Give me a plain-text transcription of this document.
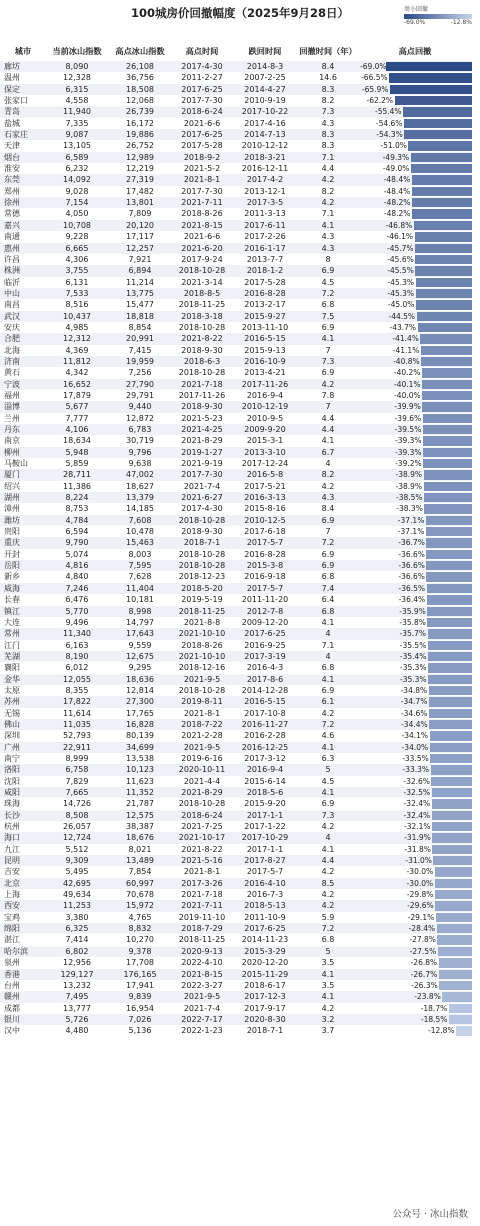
100城房价回撤幅度（2025年9月28日）	周小回撤
-69.0%	-12.8%
城市	当前冰山指数	高点冰山指数	高点时间	跌回时间	回撤时间（年）	高点回撤
廊坊	8,090	26,108	2017-4-30	2014-8-3	8.4	-69.0%

温州	12,328	36,756	2011-2-27	2007-2-25	14.6	-66.5%

保定	6,315	18,508	2017-6-25	2014-4-27	8.3	-65.9%

张家口	4,558	12,068	2017-7-30	2010-9-19	8.2	-62.2%

青岛	11,940	26,739	2018-6-24	2017-10-22	7.3	-55.4%

盐城	7,335	16,172	2021-6-6	2017-4-16	4.3	-54.6%

石家庄	9,087	19,886	2017-6-25	2014-7-13	8.3	-54.3%

天津	13,105	26,752	2017-5-28	2010-12-12	8.3	-51.0%

烟台	6,589	12,989	2018-9-2	2018-3-21	7.1	-49.3%

淮安	6,232	12,219	2021-5-2	2016-12-11	4.4	-49.0%

东莞	14,092	27,319	2021-8-1	2017-4-2	4.2	-48.4%

郑州	9,028	17,482	2017-7-30	2013-12-1	8.2	-48.4%

徐州	7,154	13,801	2021-7-11	2017-3-5	4.2	-48.2%

常德	4,050	7,809	2018-8-26	2011-3-13	7.1	-48.2%

嘉兴	10,708	20,120	2021-8-15	2017-6-11	4.1	-46.8%

南通	9,228	17,117	2021-6-6	2017-2-26	4.3	-46.1%

惠州	6,665	12,257	2021-6-20	2016-1-17	4.3	-45.7%

许昌	4,306	7,921	2017-9-24	2013-7-7	8	-45.6%

株洲	3,755	6,894	2018-10-28	2018-1-2	6.9	-45.5%

临沂	6,131	11,214	2021-3-14	2017-5-28	4.5	-45.3%

中山	7,533	13,775	2018-8-5	2016-8-28	7.2	-45.3%

南昌	8,516	15,477	2018-11-25	2013-2-17	6.8	-45.0%

武汉	10,437	18,818	2018-3-18	2015-9-27	7.5	-44.5%

安庆	4,985	8,854	2018-10-28	2013-11-10	6.9	-43.7%

合肥	12,312	20,991	2021-8-22	2016-5-15	4.1	-41.4%

北海	4,369	7,415	2018-9-30	2015-9-13	7	-41.1%

济南	11,812	19,959	2018-6-3	2016-10-9	7.3	-40.8%

黄石	4,342	7,256	2018-10-28	2013-4-21	6.9	-40.2%

宁波	16,652	27,790	2021-7-18	2017-11-26	4.2	-40.1%

福州	17,879	29,791	2017-11-26	2016-9-4	7.8	-40.0%

淄博	5,677	9,440	2018-9-30	2010-12-19	7	-39.9%

兰州	7,777	12,872	2021-5-23	2010-9-5	4.4	-39.6%

丹东	4,106	6,783	2021-4-25	2009-9-20	4.4	-39.5%

南京	18,634	30,719	2021-8-29	2015-3-1	4.1	-39.3%

柳州	5,948	9,796	2019-1-27	2013-3-10	6.7	-39.3%

马鞍山	5,859	9,638	2021-9-19	2017-12-24	4	-39.2%

厦门	28,711	47,002	2017-7-30	2016-5-8	8.2	-38.9%

绍兴	11,386	18,627	2021-7-4	2017-5-21	4.2	-38.9%

湖州	8,224	13,379	2021-6-27	2016-3-13	4.3	-38.5%

漳州	8,753	14,185	2017-4-30	2015-8-16	8.4	-38.3%

潍坊	4,784	7,608	2018-10-28	2010-12-5	6.9	-37.1%

贵阳	6,594	10,478	2018-9-30	2017-6-18	7	-37.1%

重庆	9,790	15,463	2018-7-1	2017-5-7	7.2	-36.7%

开封	5,074	8,003	2018-10-28	2016-8-28	6.9	-36.6%

岳阳	4,816	7,595	2018-10-28	2015-3-8	6.9	-36.6%

新乡	4,840	7,628	2018-12-23	2016-9-18	6.8	-36.6%

威海	7,246	11,404	2018-5-20	2017-5-7	7.4	-36.5%

长春	6,476	10,181	2019-5-19	2011-11-20	6.4	-36.4%

镇江	5,770	8,998	2018-11-25	2012-7-8	6.8	-35.9%

大连	9,496	14,797	2021-8-8	2009-12-20	4.1	-35.8%

常州	11,340	17,643	2021-10-10	2017-6-25	4	-35.7%

江门	6,163	9,559	2018-8-26	2016-9-25	7.1	-35.5%

芜湖	8,190	12,675	2021-10-10	2017-3-19	4	-35.4%

襄阳	6,012	9,295	2018-12-16	2016-4-3	6.8	-35.3%

金华	12,055	18,636	2021-9-5	2017-8-6	4.1	-35.3%

太原	8,355	12,814	2018-10-28	2014-12-28	6.9	-34.8%

苏州	17,822	27,300	2019-8-11	2016-5-15	6.1	-34.7%

无锡	11,614	17,765	2021-8-1	2017-10-8	4.2	-34.6%

佛山	11,035	16,828	2018-7-22	2016-11-27	7.2	-34.4%

深圳	52,793	80,139	2021-2-28	2016-2-28	4.6	-34.1%

广州	22,911	34,699	2021-9-5	2016-12-25	4.1	-34.0%

南宁	8,999	13,538	2019-6-16	2017-3-12	6.3	-33.5%

洛阳	6,758	10,123	2020-10-11	2016-9-4	5	-33.3%

沈阳	7,829	11,623	2021-4-4	2015-6-14	4.5	-32.6%

咸阳	7,665	11,352	2021-8-29	2018-5-6	4.1	-32.5%

珠海	14,726	21,787	2018-10-28	2015-9-20	6.9	-32.4%

长沙	8,508	12,575	2018-6-24	2017-1-1	7.3	-32.4%

杭州	26,057	38,387	2021-7-25	2017-1-22	4.2	-32.1%

海口	12,724	18,676	2021-10-17	2017-10-29	4	-31.9%

九江	5,512	8,021	2021-8-22	2017-1-1	4.1	-31.8%

昆明	9,309	13,489	2021-5-16	2017-8-27	4.4	-31.0%

吉安	5,495	7,854	2021-8-1	2017-5-7	4.2	-30.0%

北京	42,695	60,997	2017-3-26	2016-4-10	8.5	-30.0%

上海	49,634	70,678	2021-7-18	2016-7-3	4.2	-29.8%

西安	11,253	15,972	2021-7-11	2018-5-13	4.2	-29.6%

宝鸡	3,380	4,765	2019-11-10	2011-10-9	5.9	-29.1%

绵阳	6,325	8,832	2018-7-29	2017-6-25	7.2	-28.4%

湛江	7,414	10,270	2018-11-25	2014-11-23	6.8	-27.8%

哈尔滨	6,802	9,378	2020-9-13	2015-3-29	5	-27.5%

泉州	12,956	17,708	2022-4-10	2020-12-20	3.5	-26.8%

香港	129,127	176,165	2021-8-15	2015-11-29	4.1	-26.7%

台州	13,232	17,941	2022-3-27	2018-6-17	3.5	-26.3%

赣州	7,495	9,839	2021-9-5	2017-12-3	4.1	-23.8%

成都	13,777	16,954	2021-7-4	2017-9-17	4.2	-18.7%

银川	5,726	7,026	2022-7-17	2020-8-30	3.2	-18.5%

汉中	4,480	5,136	2022-1-23	2018-7-1	3.7	-12.8%
公众号 · 冰山指数
